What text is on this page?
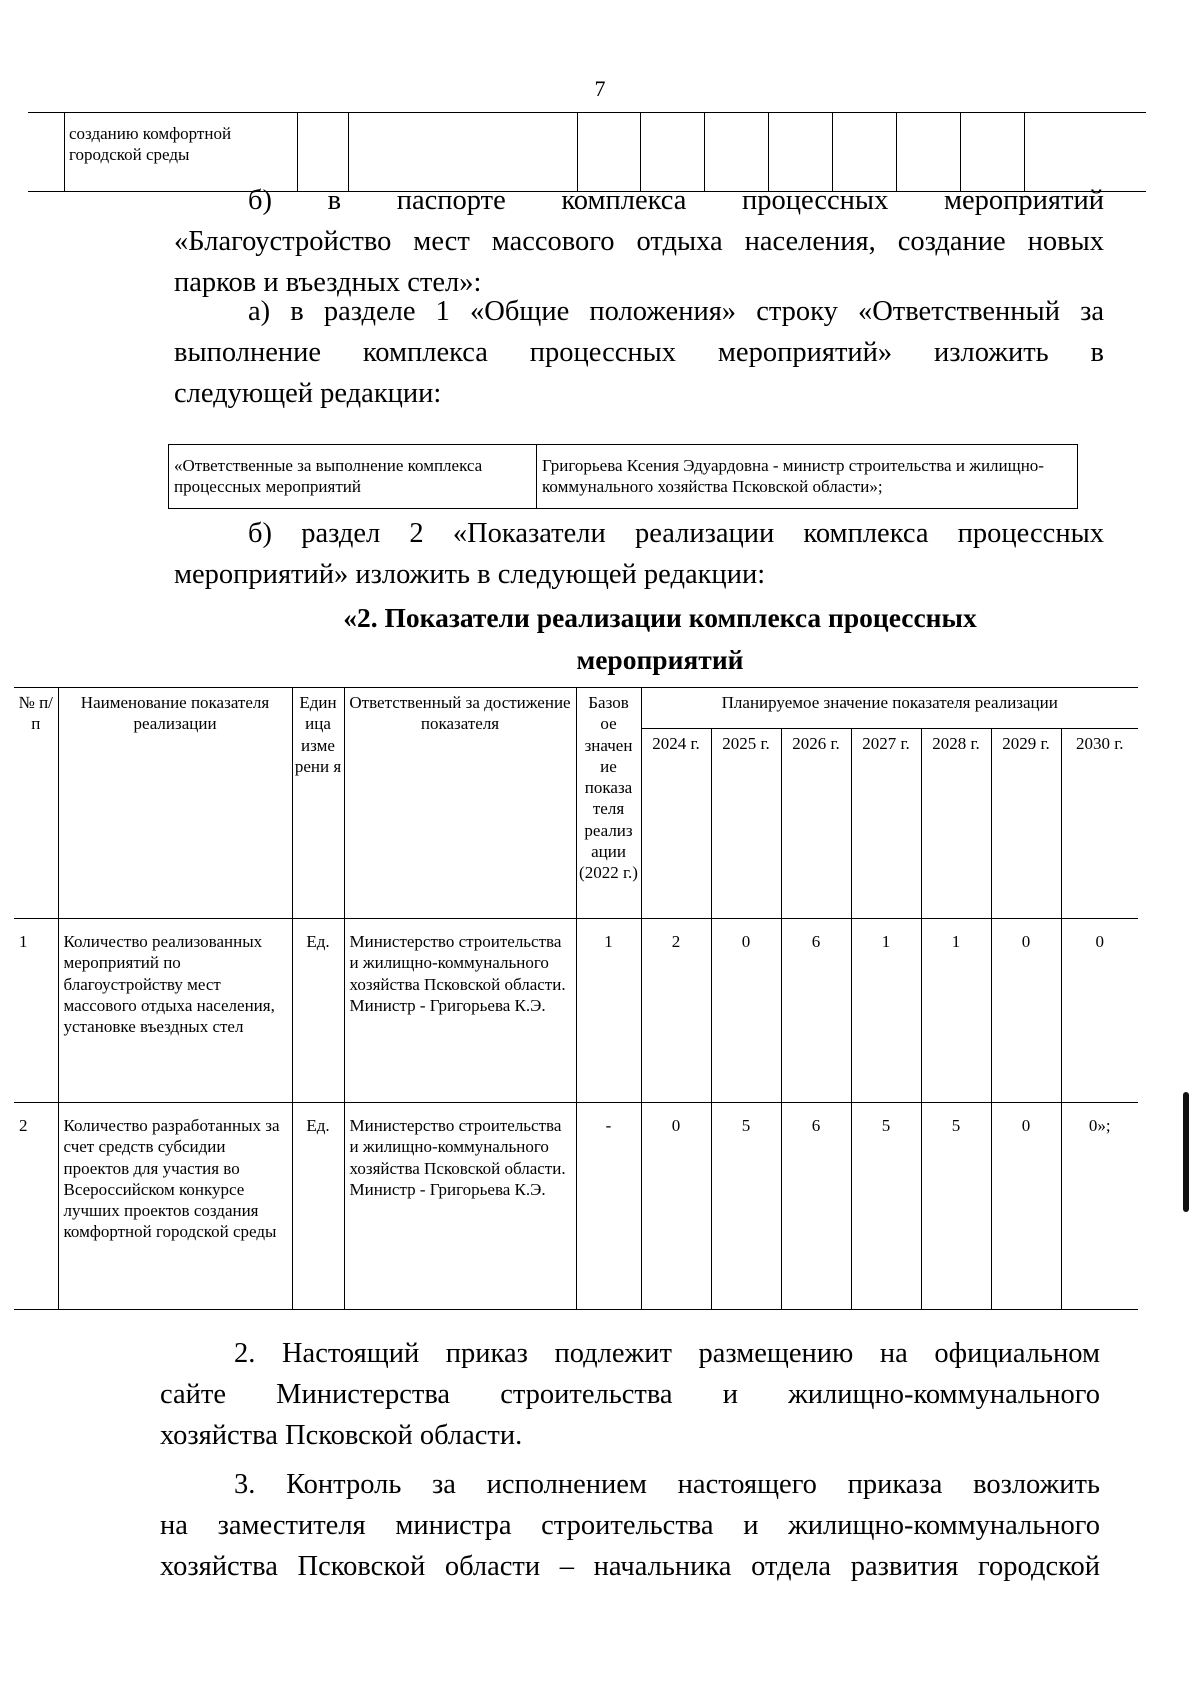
7
	созданию комфортной городской среды										
б) в паспорте комплекса процессных мероприятий
«Благоустройство мест массового отдыха населения, создание новых
парков и въездных стел»:
а) в разделе 1 «Общие положения» строку «Ответственный за
выполнение комплекса процессных мероприятий» изложить в
следующей редакции:
«Ответственные за выполнение комплекса процессных мероприятий	Григорьева Ксения Эдуардовна - министр строительства и жилищно-коммунального хозяйства Псковской области»;
б) раздел 2 «Показатели реализации комплекса процессных
мероприятий» изложить в следующей редакции:
«2. Показатели реализации комплекса процессных
мероприятий
№ п/п	Наименование показателя реализации	Един ица изме рени я	Ответственный за достижение показателя	Базов ое значен ие показа теля реализ ации (2022 г.)	Планируемое значение показателя реализации						
					2024 г.	2025 г.	2026 г.	2027 г.	2028 г.	2029 г.	2030 г.
1	Количество реализованных мероприятий по благоустройству мест массового отдыха населения, установке въездных стел	Ед.	Министерство строительства и жилищно-коммунального хозяйства Псковской области. Министр - Григорьева К.Э.	1	2	0	6	1	1	0	0
2	Количество разработанных за счет средств субсидии проектов для участия во Всероссийском конкурсе лучших проектов создания комфортной городской среды	Ед.	Министерство строительства и жилищно-коммунального хозяйства Псковской области. Министр - Григорьева К.Э.	-	0	5	6	5	5	0	0»;
2. Настоящий приказ подлежит размещению на официальном
сайте Министерства строительства и жилищно-коммунального
хозяйства Псковской области.
3. Контроль за исполнением настоящего приказа возложить
на заместителя министра строительства и жилищно-коммунального
хозяйства Псковской области – начальника отдела развития городской
